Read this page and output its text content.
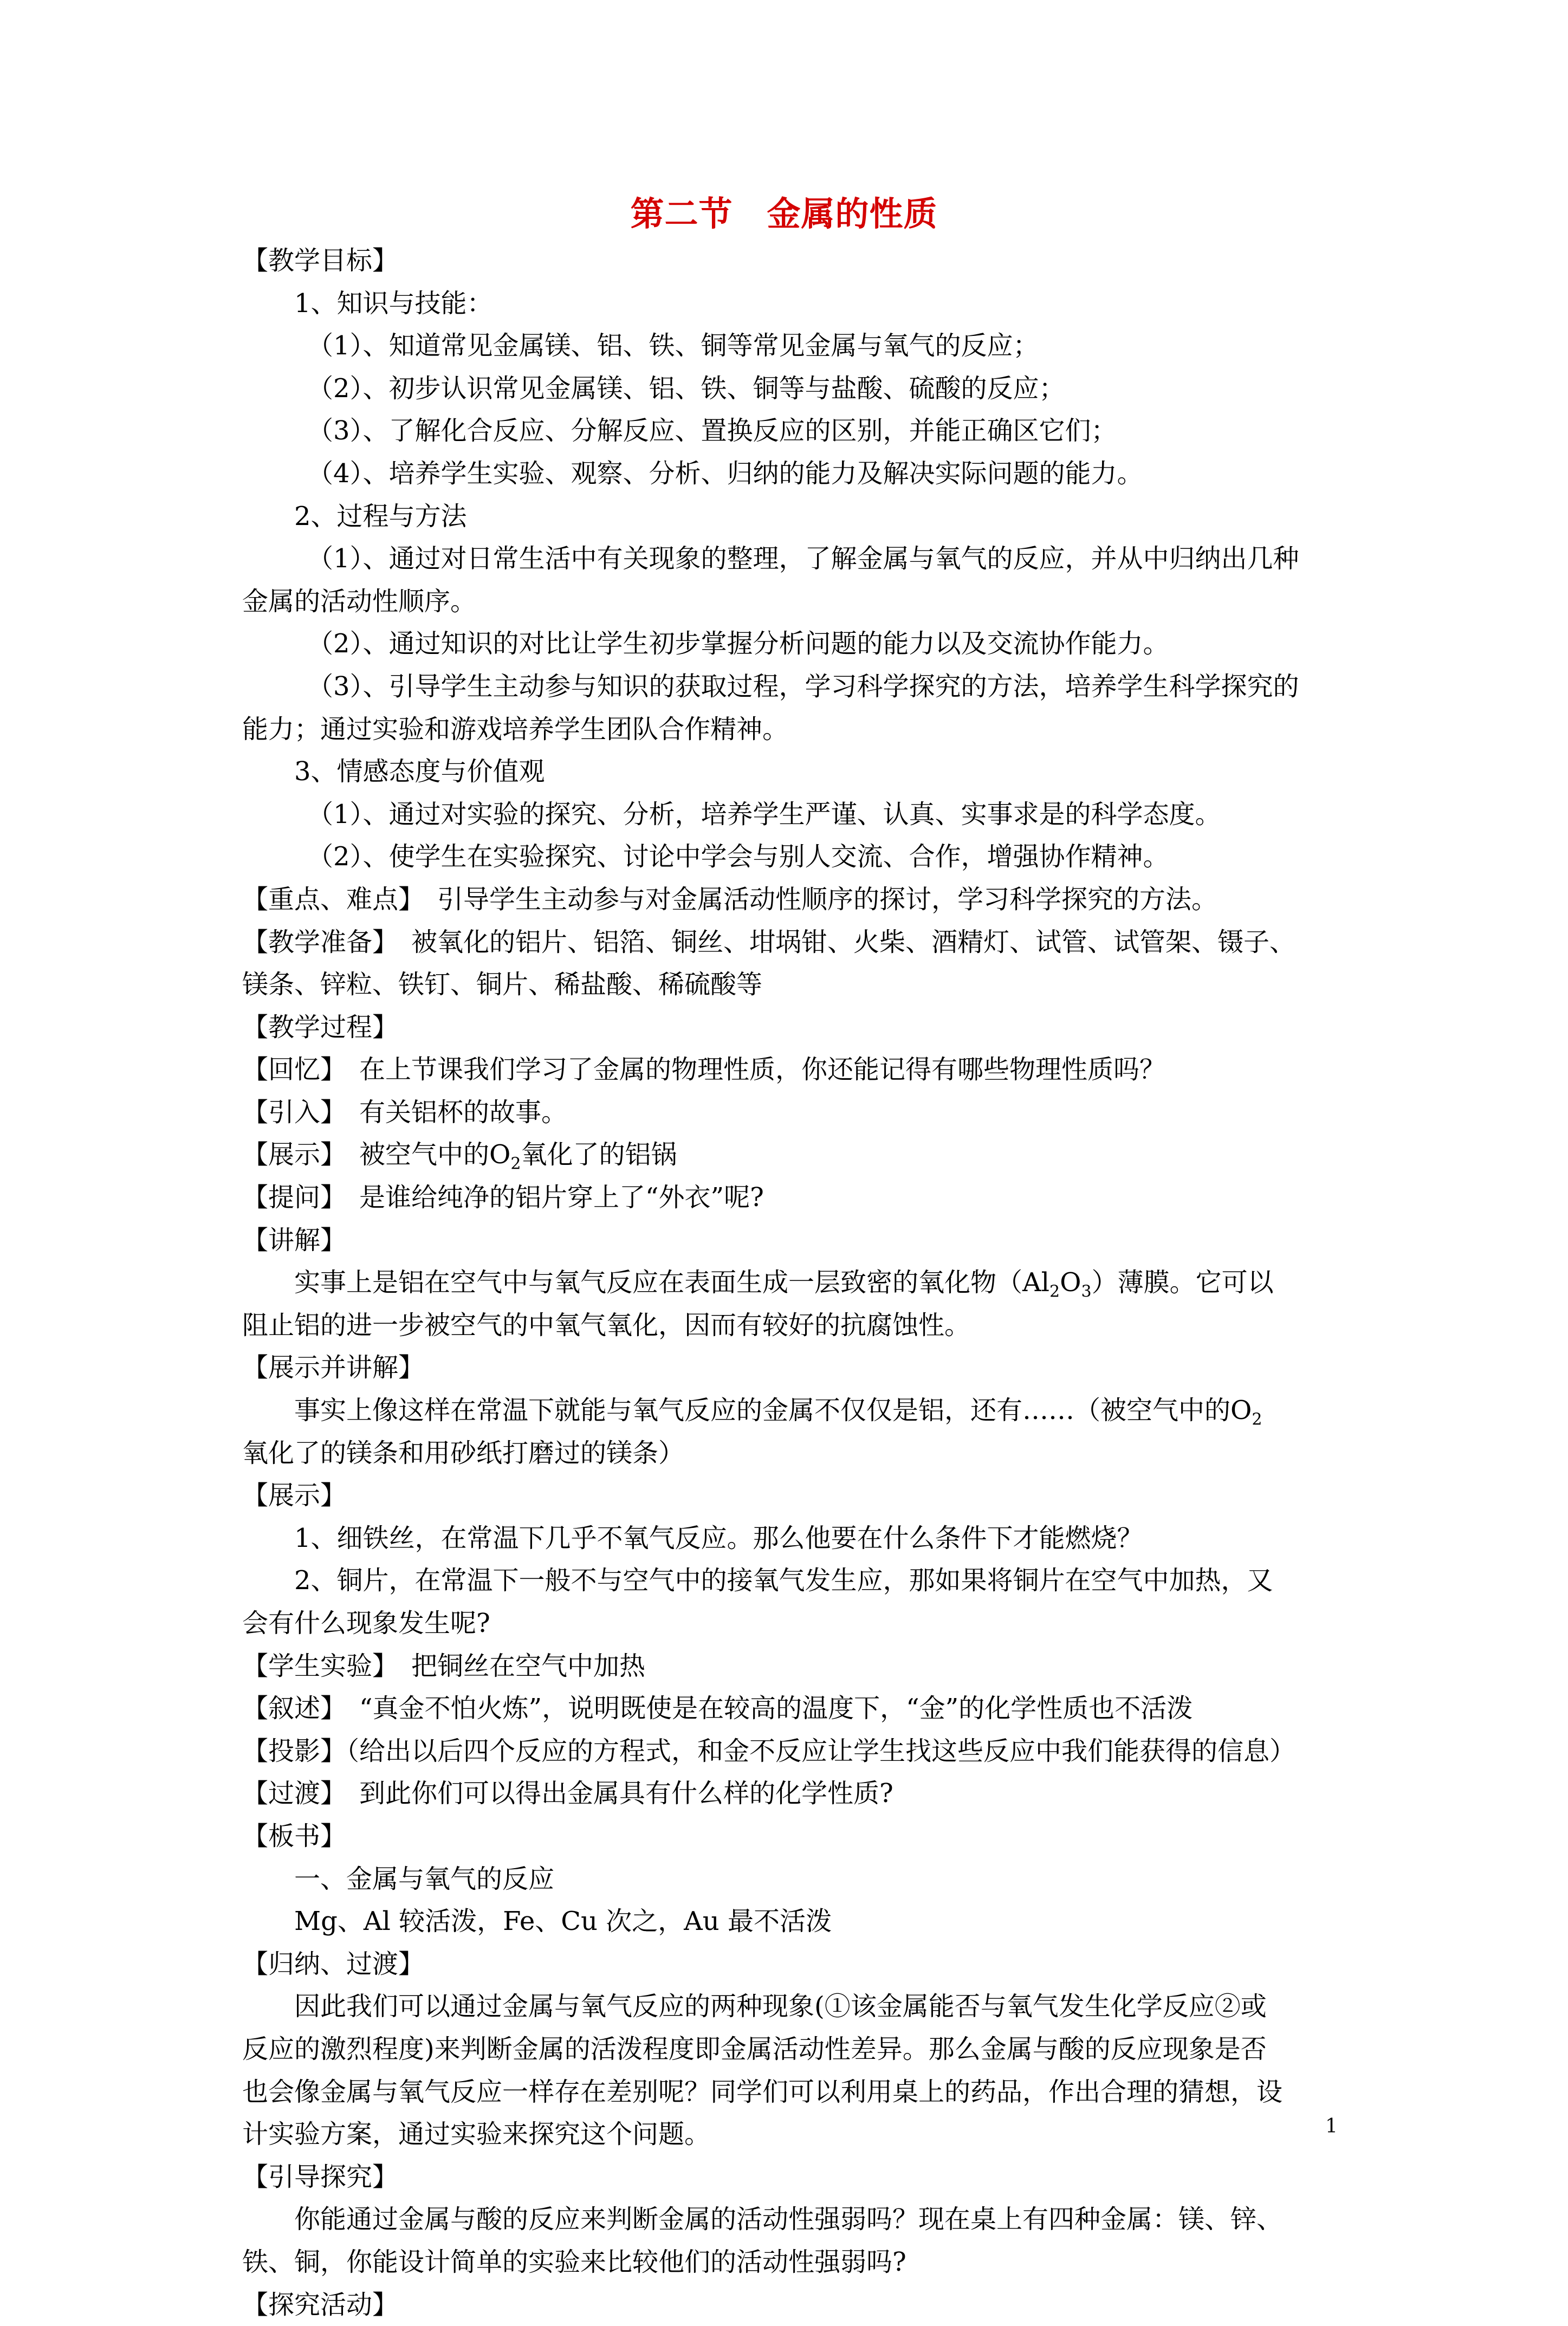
第二节　金属的性质
【教学目标】
1、知识与技能：
（1）、知道常见金属镁、铝、铁、铜等常见金属与氧气的反应；
（2）、初步认识常见金属镁、铝、铁、铜等与盐酸、硫酸的反应；
（3）、了解化合反应、分解反应、置换反应的区别，并能正确区它们；
（4）、培养学生实验、观察、分析、归纳的能力及解决实际问题的能力。
2、过程与方法
（1）、通过对日常生活中有关现象的整理，了解金属与氧气的反应，并从中归纳出几种
金属的活动性顺序。
（2）、通过知识的对比让学生初步掌握分析问题的能力以及交流协作能力。
（3）、引导学生主动参与知识的获取过程，学习科学探究的方法，培养学生科学探究的
能力；通过实验和游戏培养学生团队合作精神。
3、情感态度与价值观
（1）、通过对实验的探究、分析，培养学生严谨、认真、实事求是的科学态度。
（2）、使学生在实验探究、讨论中学会与别人交流、合作，增强协作精神。
【重点、难点】　引导学生主动参与对金属活动性顺序的探讨，学习科学探究的方法。
【教学准备】　被氧化的铝片、铝箔、铜丝、坩埚钳、火柴、酒精灯、试管、试管架、镊子、
镁条、锌粒、铁钉、铜片、稀盐酸、稀硫酸等
【教学过程】
【回忆】　在上节课我们学习了金属的物理性质，你还能记得有哪些物理性质吗？
【引入】　有关铝杯的故事。
【展示】　被空气中的$O_2$氧化了的铝锅
【提问】　是谁给纯净的铝片穿上了“外衣”呢?
【讲解】
实事上是铝在空气中与氧气反应在表面生成一层致密的氧化物$(Al_2O_3)$薄膜。它可以
阻止铝的进一步被空气的中氧气氧化，因而有较好的抗腐蚀性。
【展示并讲解】
事实上像这样在常温下就能与氧气反应的金属不仅仅是铝，还有……（被空气中的$O_2$
氧化了的镁条和用砂纸打磨过的镁条）
【展示】
1、细铁丝，在常温下几乎不氧气反应。那么他要在什么条件下才能燃烧？
2、铜片，在常温下一般不与空气中的接氧气发生应，那如果将铜片在空气中加热，又
会有什么现象发生呢?
【学生实验】　把铜丝在空气中加热
【叙述】　“真金不怕火炼”，说明既使是在较高的温度下，“金”的化学性质也不活泼
【投影】（给出以后四个反应的方程式，和金不反应让学生找这些反应中我们能获得的信息）
【过渡】　到此你们可以得出金属具有什么样的化学性质?
【板书】
一、金属与氧气的反应
Mg、Al 较活泼，Fe、Cu 次之，Au 最不活泼
【归纳、过渡】
因此我们可以通过金属与氧气反应的两种现象(①该金属能否与氧气发生化学反应②或
反应的激烈程度)来判断金属的活泼程度即金属活动性差异。那么金属与酸的反应现象是否
也会像金属与氧气反应一样存在差别呢？同学们可以利用桌上的药品，作出合理的猜想，设
计实验方案，通过实验来探究这个问题。
【引导探究】
你能通过金属与酸的反应来判断金属的活动性强弱吗？现在桌上有四种金属：镁、锌、
铁、铜，你能设计简单的实验来比较他们的活动性强弱吗?
【探究活动】
1
